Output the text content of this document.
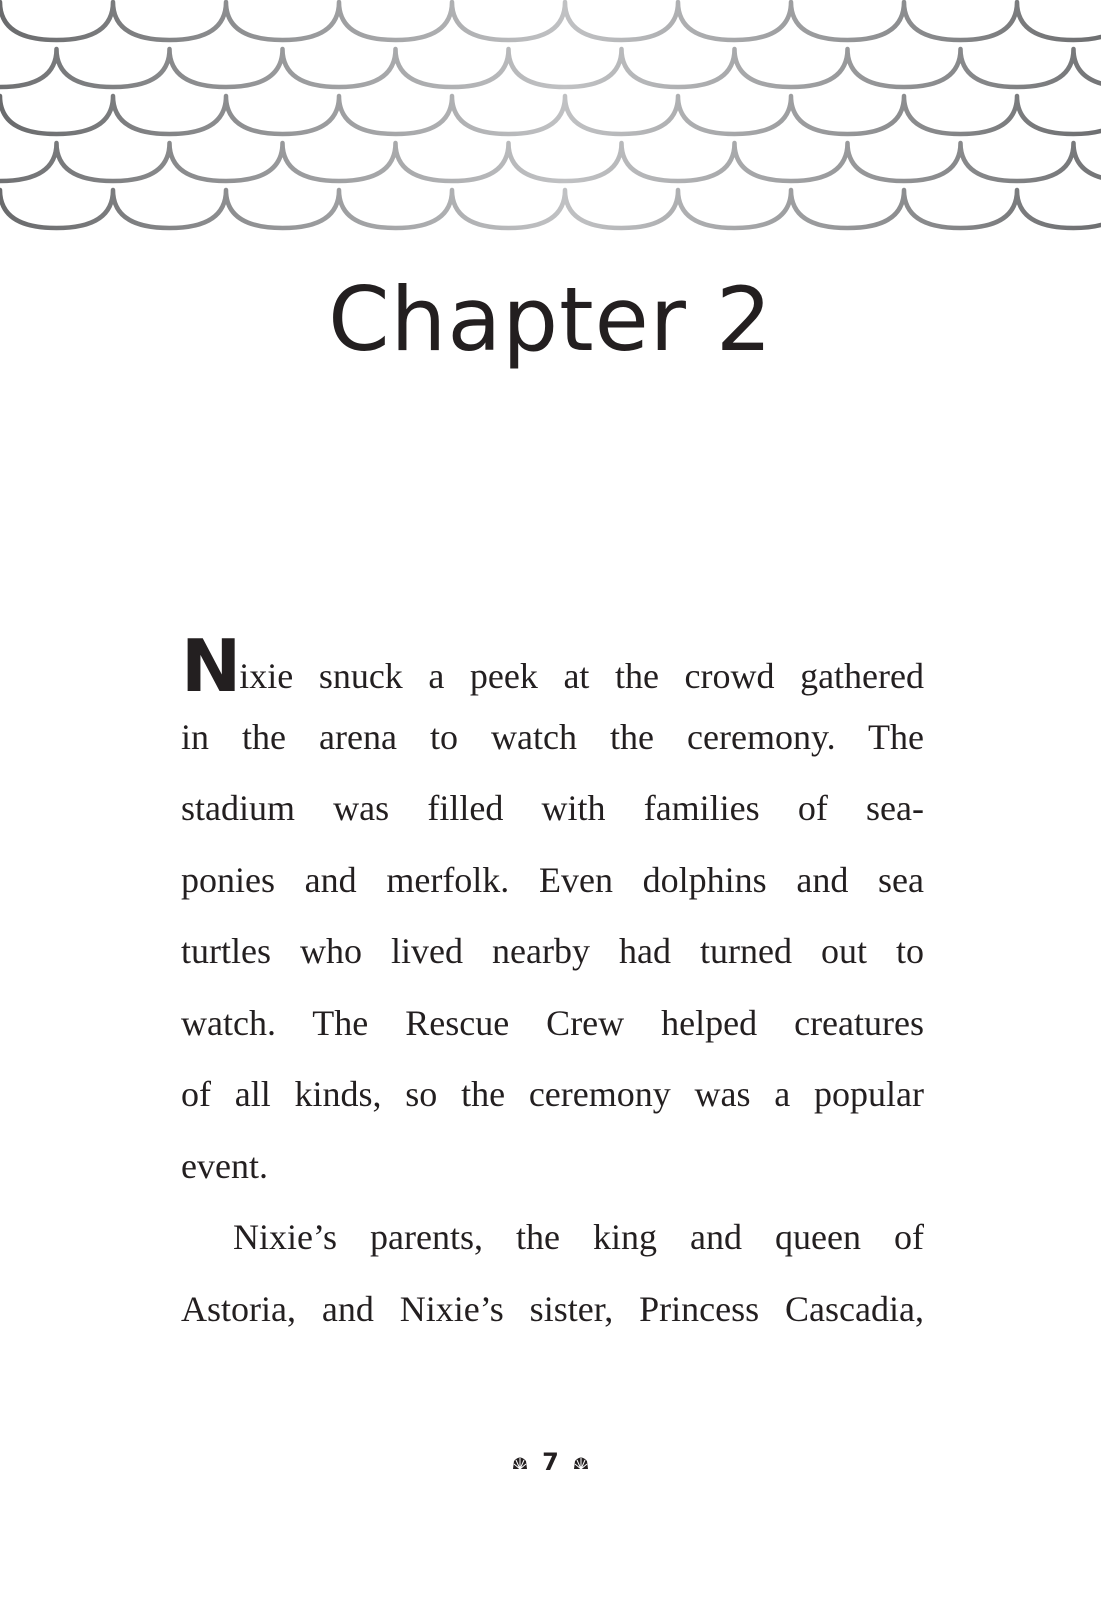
Chapter 2
Nixie snuck a peek at the crowd gathered
in the arena to watch the ceremony. The
stadium was filled with families of sea-
ponies and merfolk. Even dolphins and sea
turtles who lived nearby had turned out to
watch. The Rescue Crew helped creatures
of all kinds, so the ceremony was a popular
event.
Nixie’s parents, the king and queen of
Astoria, and Nixie’s sister, Princess Cascadia,
7
